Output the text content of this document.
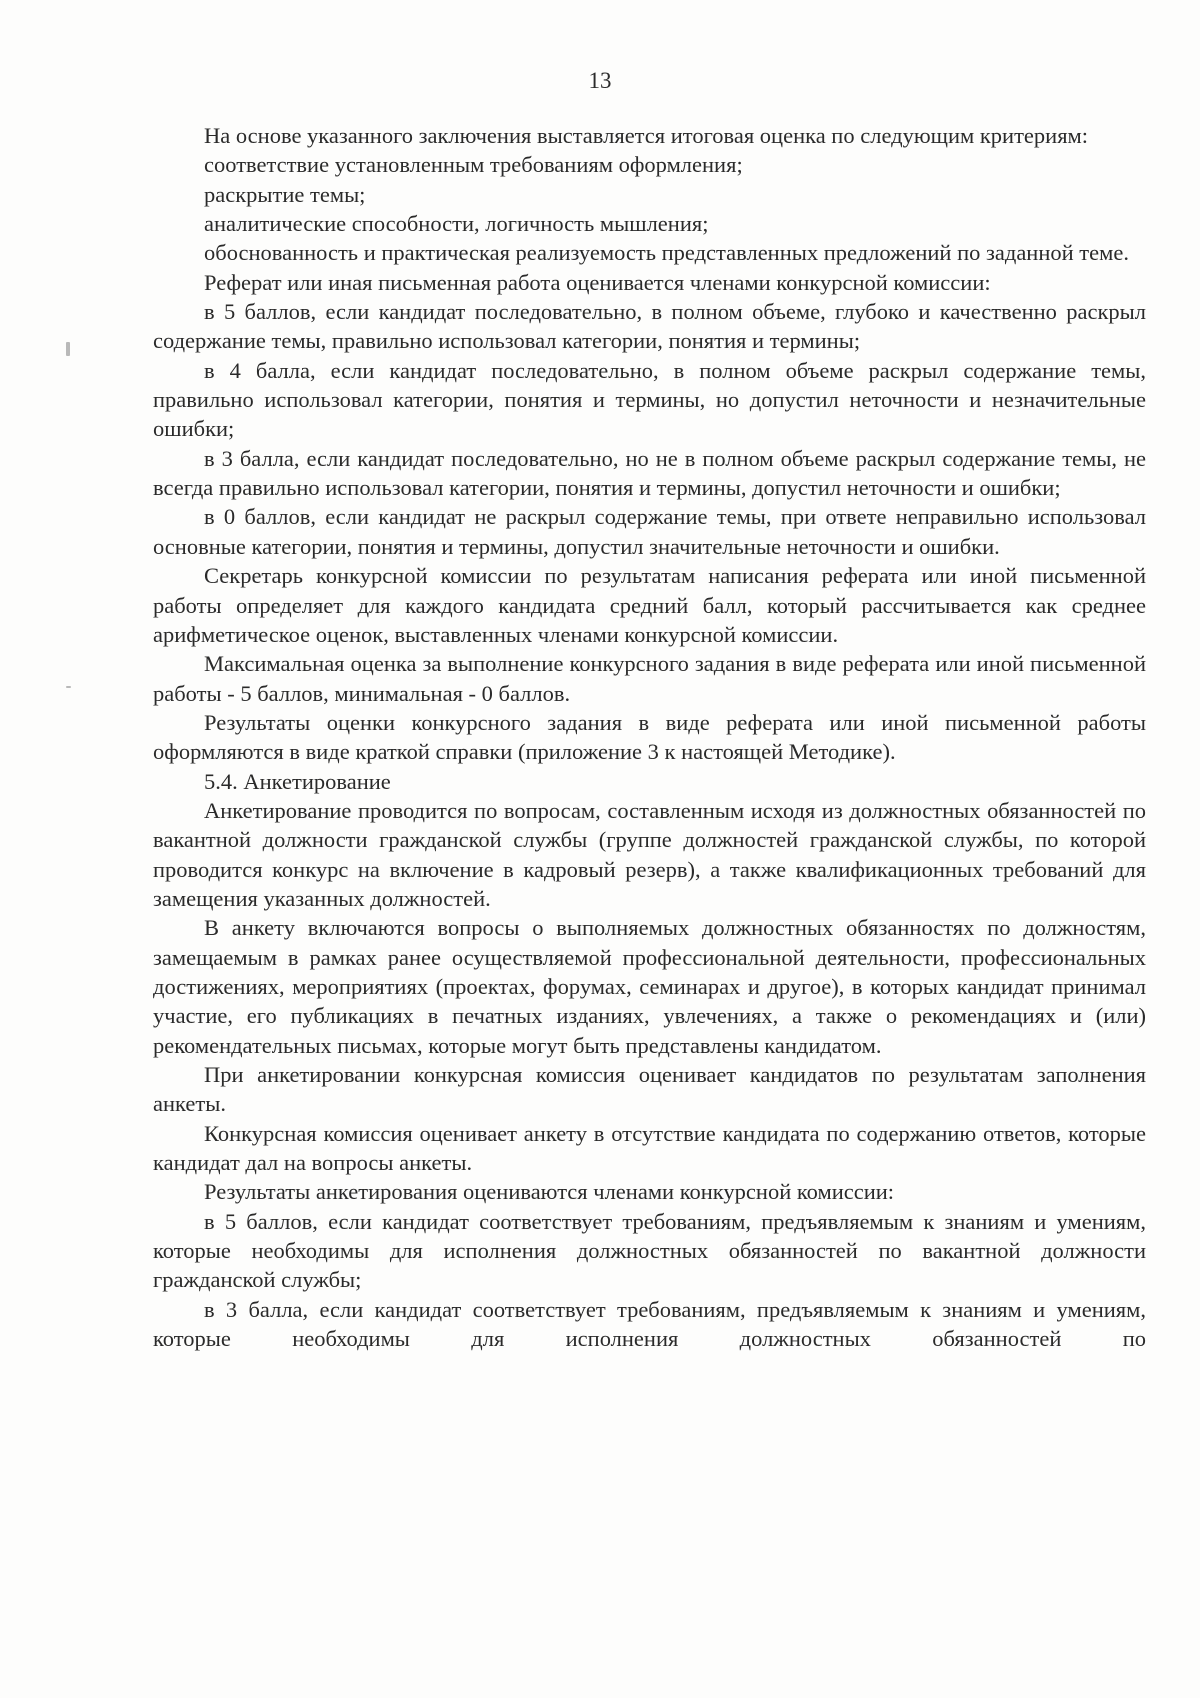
13

На основе указанного заключения выставляется итоговая оценка по следующим критериям:

соответствие установленным требованиям оформления;

раскрытие темы;

аналитические способности, логичность мышления;

обоснованность и практическая реализуемость представленных предложений по заданной теме.

Реферат или иная письменная работа оценивается членами конкурсной комиссии:

в 5 баллов, если кандидат последовательно, в полном объеме, глубоко и качественно раскрыл содержание темы, правильно использовал категории, понятия и термины;

в 4 балла, если кандидат последовательно, в полном объеме раскрыл содержание темы, правильно использовал категории, понятия и термины, но допустил неточности и незначительные ошибки;

в 3 балла, если кандидат последовательно, но не в полном объеме раскрыл содержание темы, не всегда правильно использовал категории, понятия и термины, допустил неточности и ошибки;

в 0 баллов, если кандидат не раскрыл содержание темы, при ответе неправильно использовал основные категории, понятия и термины, допустил значительные неточности и ошибки.

Секретарь конкурсной комиссии по результатам написания реферата или иной письменной работы определяет для каждого кандидата средний балл, который рассчитывается как среднее арифметическое оценок, выставленных членами конкурсной комиссии.

Максимальная оценка за выполнение конкурсного задания в виде реферата или иной письменной работы - 5 баллов, минимальная - 0 баллов.

Результаты оценки конкурсного задания в виде реферата или иной письменной работы оформляются в виде краткой справки (приложение 3 к настоящей Методике).

5.4. Анкетирование

Анкетирование проводится по вопросам, составленным исходя из должностных обязанностей по вакантной должности гражданской службы (группе должностей гражданской службы, по которой проводится конкурс на включение в кадровый резерв), а также квалификационных требований для замещения указанных должностей.

В анкету включаются вопросы о выполняемых должностных обязанностях по должностям, замещаемым в рамках ранее осуществляемой профессиональной деятельности, профессиональных достижениях, мероприятиях (проектах, форумах, семинарах и другое), в которых кандидат принимал участие, его публикациях в печатных изданиях, увлечениях, а также о рекомендациях и (или) рекомендательных письмах, которые могут быть представлены кандидатом.

При анкетировании конкурсная комиссия оценивает кандидатов по результатам заполнения анкеты.

Конкурсная комиссия оценивает анкету в отсутствие кандидата по содержанию ответов, которые кандидат дал на вопросы анкеты.

Результаты анкетирования оцениваются членами конкурсной комиссии:

в 5 баллов, если кандидат соответствует требованиям, предъявляемым к знаниям и умениям, которые необходимы для исполнения должностных обязанностей по вакантной должности гражданской службы;

в 3 балла, если кандидат соответствует требованиям, предъявляемым к знаниям и умениям, которые необходимы для исполнения должностных обязанностей по
